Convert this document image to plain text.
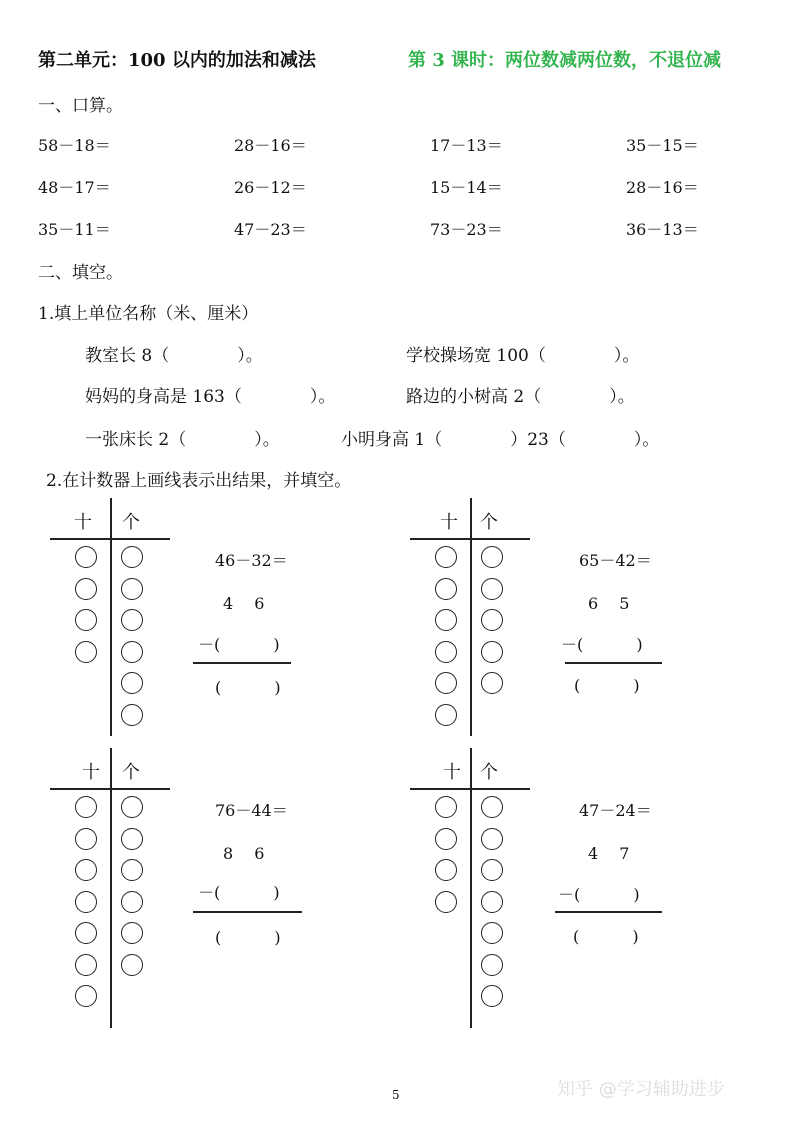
第二单元：100 以内的加法和减法	第 3 课时：两位数减两位数，不退位减
一、口算。
58－18＝	28－16＝	17－13＝	35－15＝
48－17＝	26－12＝	15－14＝	28－16＝
35－11＝	47－23＝	73－23＝	36－13＝
二、填空。
1.填上单位名称（米、厘米）
教室长 8（　　　　）。	学校操场宽 100（　　　　）。
妈妈的身高是 163（　　　　）。	路边的小树高 2（　　　　）。
一张床长 2（　　　　）。	小明身高 1（　　　　）23（　　　　）。
2.在计数器上画线表示出结果，并填空。
十 个
46－32＝
4　 6
－(　　　 )
(　　　 )
十 个
65－42＝
6　 5
－(　　　 )
(　　　 )
十 个
76－44＝
8　 6
－(　　　 )
(　　　 )
十 个
47－24＝
4　 7
－(　　　 )
(　　　 )
5	知乎 @学习辅助进步
